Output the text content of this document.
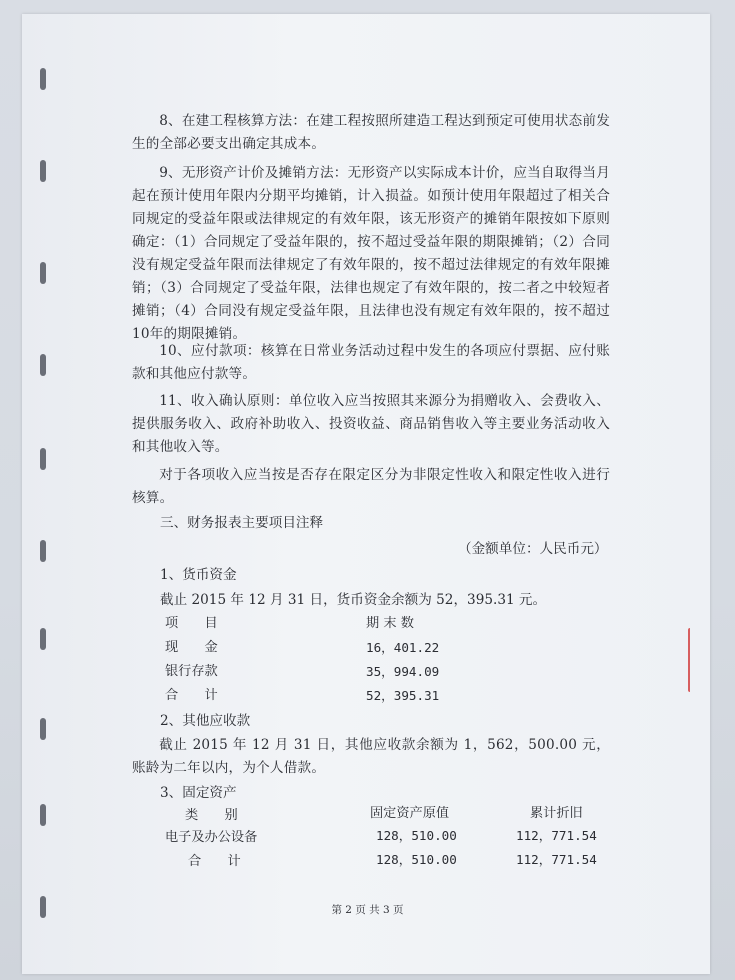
8、在建工程核算方法：在建工程按照所建造工程达到预定可使用状态前发生的全部必要支出确定其成本。

9、无形资产计价及摊销方法：无形资产以实际成本计价，应当自取得当月起在预计使用年限内分期平均摊销，计入损益。如预计使用年限超过了相关合同规定的受益年限或法律规定的有效年限，该无形资产的摊销年限按如下原则确定：（1）合同规定了受益年限的，按不超过受益年限的期限摊销；（2）合同没有规定受益年限而法律规定了有效年限的，按不超过法律规定的有效年限摊销；（3）合同规定了受益年限，法律也规定了有效年限的，按二者之中较短者摊销；（4）合同没有规定受益年限，且法律也没有规定有效年限的，按不超过10年的期限摊销。

10、应付款项：核算在日常业务活动过程中发生的各项应付票据、应付账款和其他应付款等。

11、收入确认原则：单位收入应当按照其来源分为捐赠收入、会费收入、提供服务收入、政府补助收入、投资收益、商品销售收入等主要业务活动收入和其他收入等。

对于各项收入应当按是否存在限定区分为非限定性收入和限定性收入进行核算。

三、财务报表主要项目注释
（金额单位：人民币元）
1、货币资金
截止 2015 年 12 月 31 日，货币资金余额为 52，395.31 元。
项　　目	期 末 数
现　　金	16，401.22
银行存款	35，994.09
合　　计	52，395.31
2、其他应收款

截止 2015 年 12 月 31 日，其他应收款余额为 1，562，500.00 元，账龄为二年以内，为个人借款。

3、固定资产
类　　别	固定资产原值	累计折旧
电子及办公设备	128，510.00	112，771.54
合　　计	128，510.00	112，771.54
第 2 页 共 3 页
